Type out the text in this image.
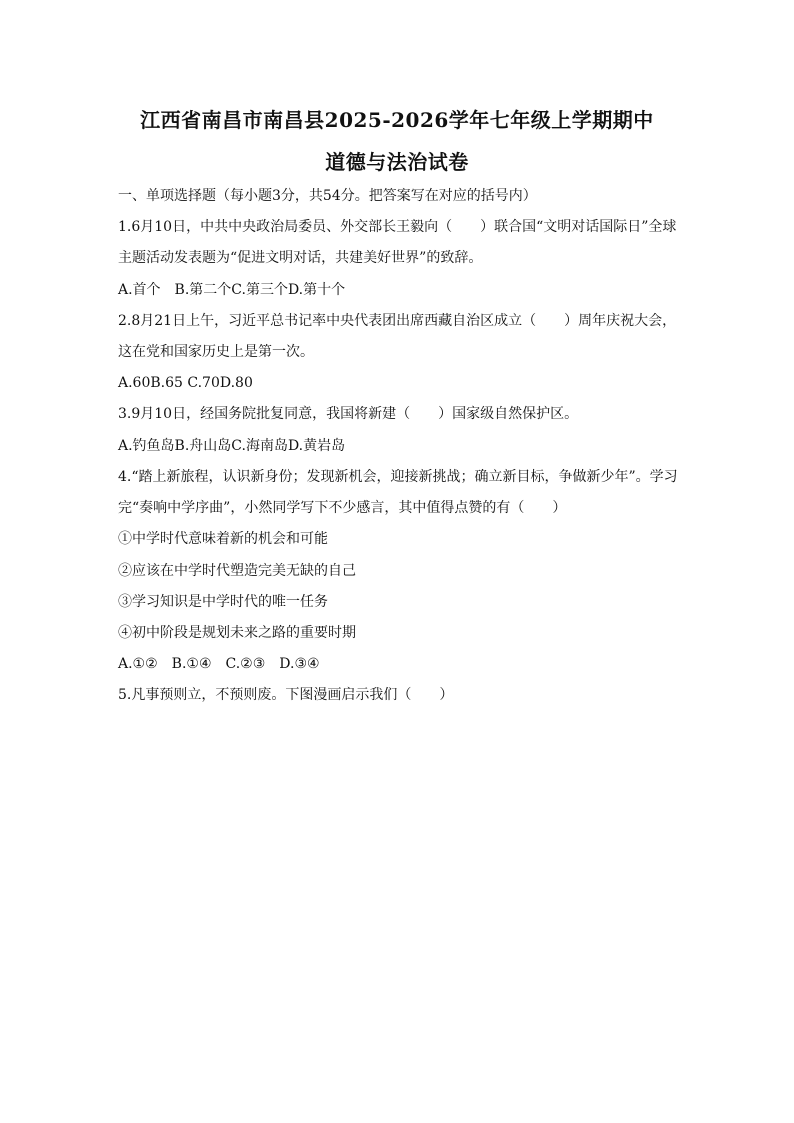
江西省南昌市南昌县2025-2026学年七年级上学期期中
道德与法治试卷
一、单项选择题（每小题3分，共54分。把答案写在对应的括号内）
1.6月10日，中共中央政治局委员、外交部长王毅向（　　）联合国“文明对话国际日”全球
主题活动发表题为“促进文明对话，共建美好世界”的致辞。
A.首个　B.第二个C.第三个D.第十个
2.8月21日上午，习近平总书记率中央代表团出席西藏自治区成立（　　）周年庆祝大会，
这在党和国家历史上是第一次。
A.60B.65 C.70D.80
3.9月10日，经国务院批复同意，我国将新建（　　）国家级自然保护区。
A.钓鱼岛B.舟山岛C.海南岛D.黄岩岛
4.“踏上新旅程，认识新身份；发现新机会，迎接新挑战；确立新目标，争做新少年”。学习
完“奏响中学序曲”，小然同学写下不少感言，其中值得点赞的有（　　）
①中学时代意味着新的机会和可能
②应该在中学时代塑造完美无缺的自己
③学习知识是中学时代的唯一任务
④初中阶段是规划未来之路的重要时期
A.①②　B.①④　C.②③　D.③④
5.凡事预则立，不预则废。下图漫画启示我们（　　）
